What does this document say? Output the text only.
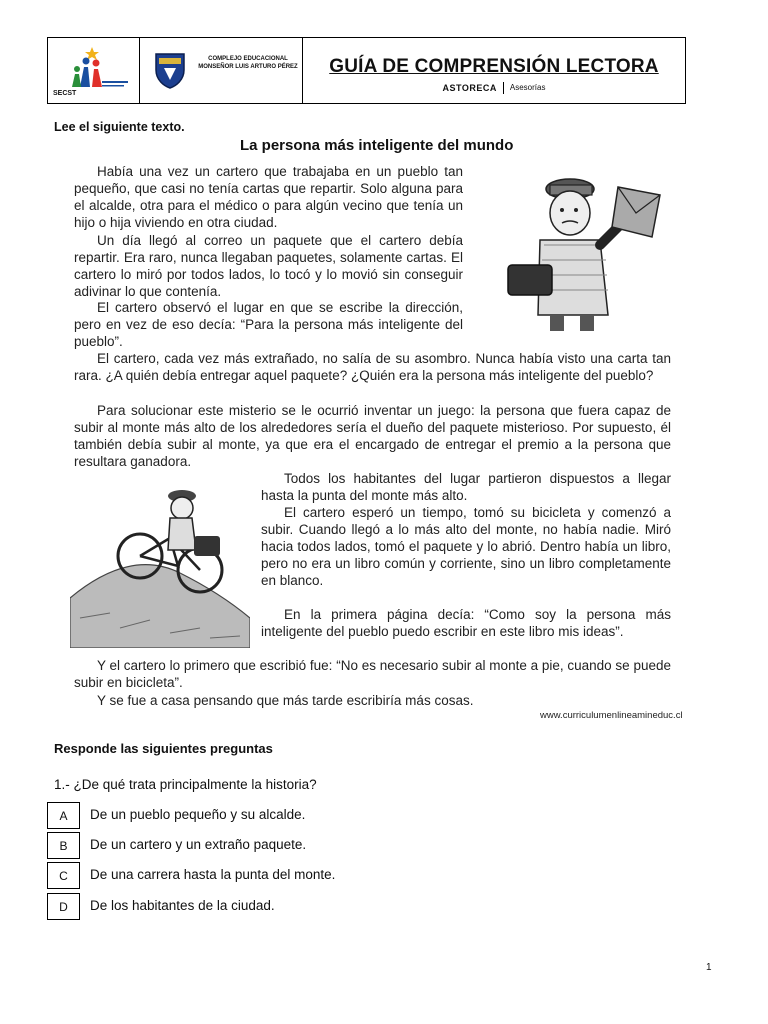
SECST
COMPLEJO EDUCACIONAL MONSEÑOR LUIS ARTURO PÉREZ GUÍA DE COMPRENSIÓN LECTORA
ASTORECA Asesorías
Lee el siguiente texto.
La persona más inteligente del mundo

Había una vez un cartero que trabajaba en un pueblo tan pequeño, que casi no tenía cartas que repartir. Solo alguna para el alcalde, otra para el médico o para algún vecino que tenía un hijo o hija viviendo en otra ciudad.

Un día llegó al correo un paquete que el cartero debía repartir. Era raro, nunca llegaban paquetes, solamente cartas. El cartero lo miró por todos lados, lo tocó y lo movió sin conseguir adivinar lo que contenía.

El cartero observó el lugar en que se escribe la dirección, pero en vez de eso decía: “Para la persona más inteligente del pueblo”.

El cartero, cada vez más extrañado, no salía de su asombro. Nunca había visto una carta tan rara. ¿A quién debía entregar aquel paquete? ¿Quién era la persona más inteligente del pueblo?

Para solucionar este misterio se le ocurrió inventar un juego: la persona que fuera capaz de subir al monte más alto de los alrededores sería el dueño del paquete misterioso. Por supuesto, él también debía subir al monte, ya que era el encargado de entregar el premio a la persona que resultara ganadora.

Todos los habitantes del lugar partieron dispuestos a llegar hasta la punta del monte más alto.

El cartero esperó un tiempo, tomó su bicicleta y comenzó a subir. Cuando llegó a lo más alto del monte, no había nadie. Miró hacia todos lados, tomó el paquete y lo abrió. Dentro había un libro, pero no era un libro común y corriente, sino un libro completamente en blanco.

En la primera página decía: “Como soy la persona más inteligente del pueblo puedo escribir en este libro mis ideas”.

Y el cartero lo primero que escribió fue: “No es necesario subir al monte a pie, cuando se puede subir en bicicleta”.

Y se fue a casa pensando que más tarde escribiría más cosas.

www.curriculumenlineamineduc.cl
Responde las siguientes preguntas
1.- ¿De qué trata principalmente la historia?
A De un pueblo pequeño y su alcalde.
B De un cartero y un extraño paquete.
C De una carrera hasta la punta del monte.
D De los habitantes de la ciudad.
1
